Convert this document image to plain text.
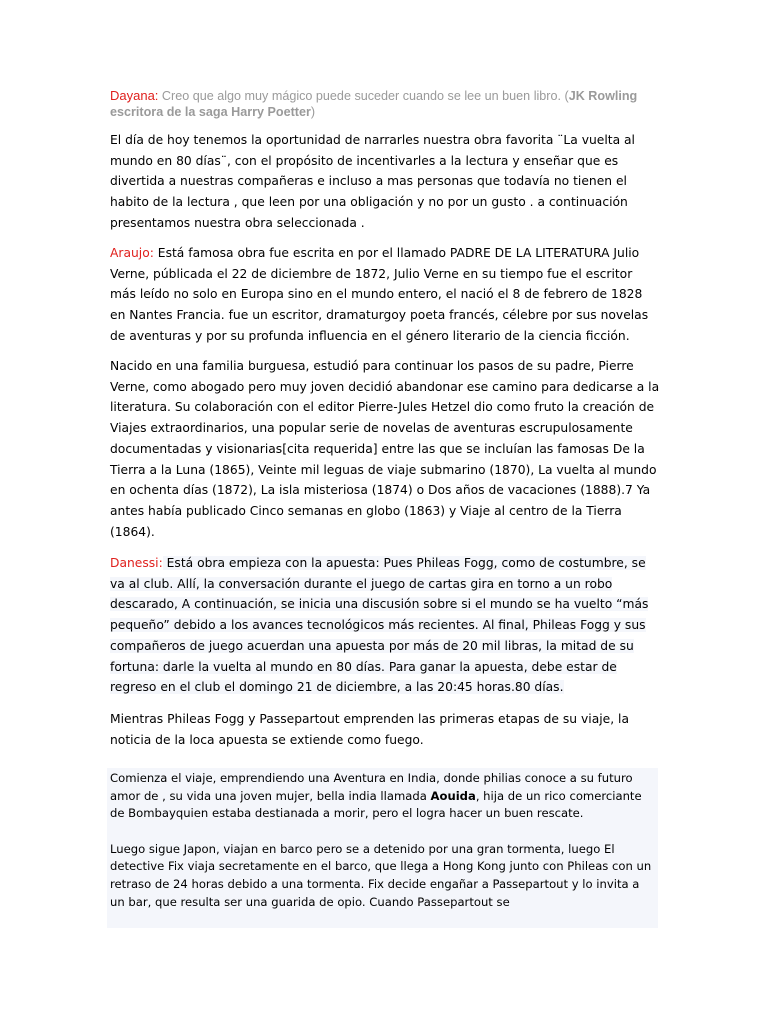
Dayana: Creo que algo muy mágico puede suceder cuando se lee un buen libro. (JK Rowling
escritora de la saga Harry Poetter)

El día de hoy tenemos la oportunidad de narrarles nuestra obra favorita ¨La vuelta al mundo en 80 días¨, con el propósito de incentivarles a la lectura y enseñar que es divertida a nuestras compañeras e incluso a mas personas que todavía no tienen el habito de la lectura , que leen por una obligación y no por un gusto . a continuación presentamos nuestra obra seleccionada .

Araujo: Está famosa obra fue escrita en por el llamado PADRE DE LA LITERATURA Julio Verne, públicada el 22 de diciembre de 1872, Julio Verne en su tiempo fue el escritor más leído no solo en Europa sino en el mundo entero, el nació el 8 de febrero de 1828 en Nantes Francia. fue un escritor, dramaturgoy poeta francés, célebre por sus novelas de aventuras y por su profunda influencia en el género literario de la ciencia ficción.

Nacido en una familia burguesa, estudió para continuar los pasos de su padre, Pierre Verne, como abogado pero muy joven decidió abandonar ese camino para dedicarse a la literatura. Su colaboración con el editor Pierre-Jules Hetzel dio como fruto la creación de Viajes extraordinarios, una popular serie de novelas de aventuras escrupulosamente documentadas y visionarias[cita requerida] entre las que se incluían las famosas De la Tierra a la Luna (1865), Veinte mil leguas de viaje submarino (1870), La vuelta al mundo en ochenta días (1872), La isla misteriosa (1874) o Dos años de vacaciones (1888).7 Ya antes había publicado Cinco semanas en globo (1863) y Viaje al centro de la Tierra (1864).

Danessi: Está obra empieza con la apuesta: Pues Phileas Fogg, como de costumbre, se va al club. Allí, la conversación durante el juego de cartas gira en torno a un robo descarado, A continuación, se inicia una discusión sobre si el mundo se ha vuelto “más pequeño” debido a los avances tecnológicos más recientes. Al final, Phileas Fogg y sus compañeros de juego acuerdan una apuesta por más de 20 mil libras, la mitad de su fortuna: darle la vuelta al mundo en 80 días. Para ganar la apuesta, debe estar de regreso en el club el domingo 21 de diciembre, a las 20:45 horas.80 días.

Mientras Phileas Fogg y Passepartout emprenden las primeras etapas de su viaje, la noticia de la loca apuesta se extiende como fuego.

Comienza el viaje, emprendiendo una Aventura en India, donde philias conoce a su futuro amor de , su vida una joven mujer, bella india llamada Aouida, hija de un rico comerciante de Bombayquien estaba destianada a morir, pero el logra hacer un buen rescate.

Luego sigue Japon, viajan en barco pero se a detenido por una gran tormenta, luego El detective Fix viaja secretamente en el barco, que llega a Hong Kong junto con Phileas con un retraso de 24 horas debido a una tormenta. Fix decide engañar a Passepartout y lo invita a un bar, que resulta ser una guarida de opio. Cuando Passepartout se
